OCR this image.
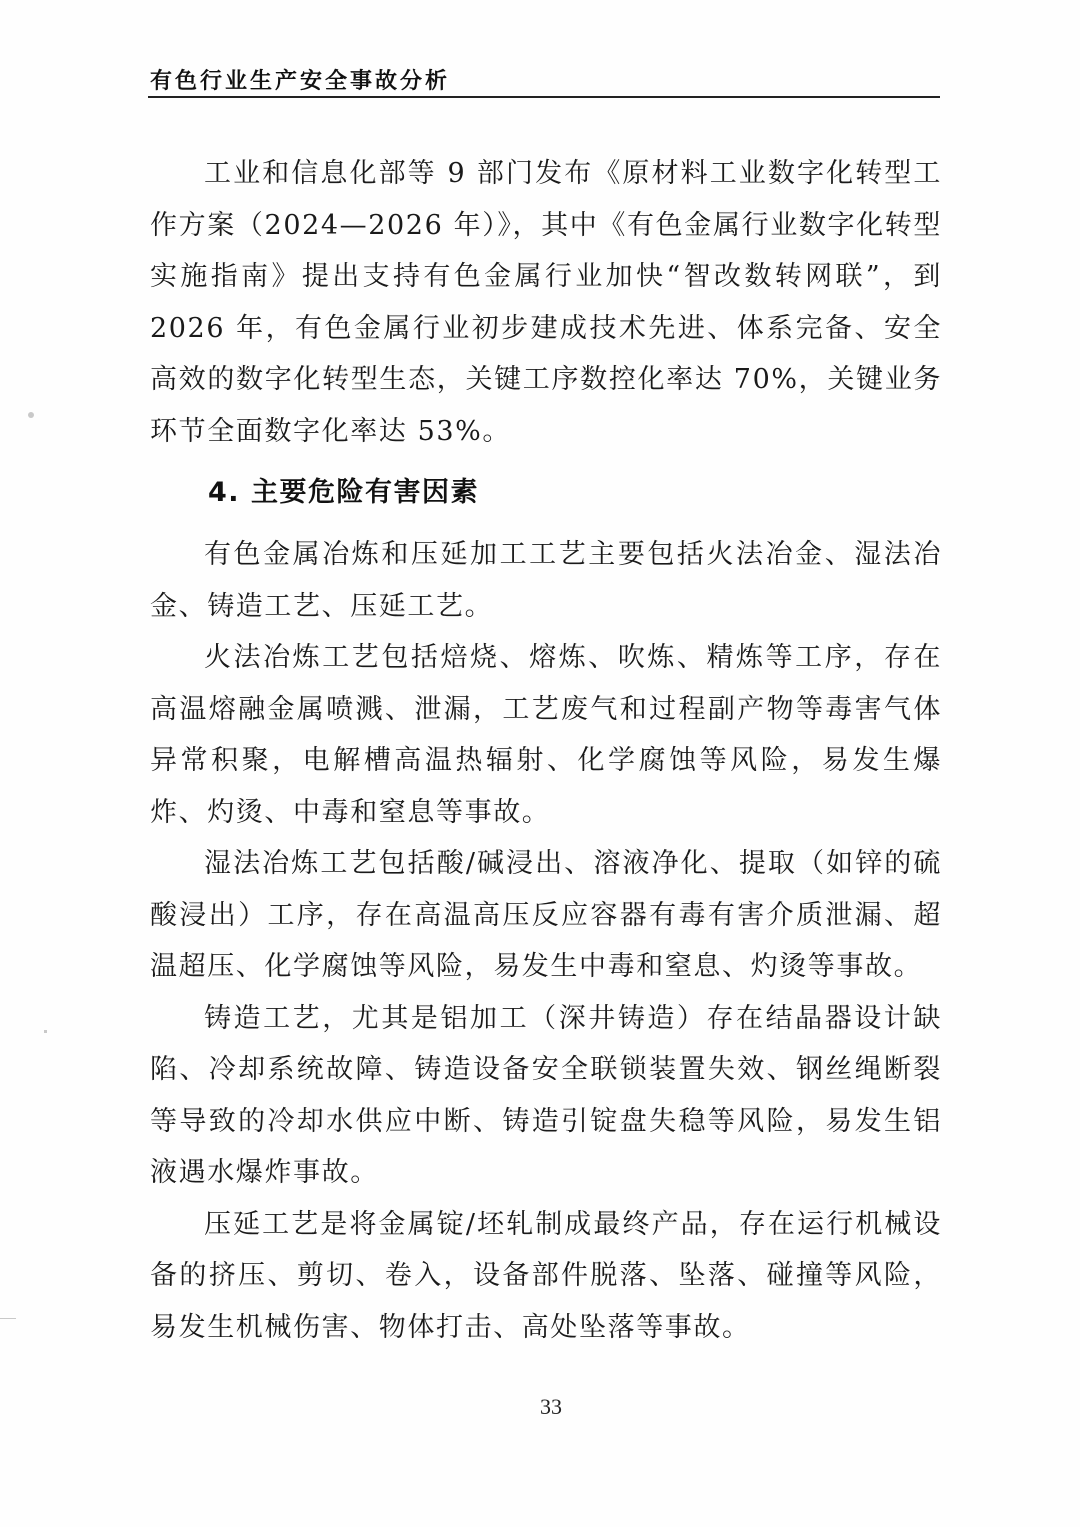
有色行业生产安全事故分析

工业和信息化部等 9 部门发布《原材料工业数字化转型工作方案（2024—2026 年）》，其中《有色金属行业数字化转型实施指南》提出支持有色金属行业加快“智改数转网联”，到 2026 年，有色金属行业初步建成技术先进、体系完备、安全高效的数字化转型生态，关键工序数控化率达 70%，关键业务环节全面数字化率达 53%。

4. 主要危险有害因素

有色金属冶炼和压延加工工艺主要包括火法冶金、湿法冶金、铸造工艺、压延工艺。

火法冶炼工艺包括焙烧、熔炼、吹炼、精炼等工序，存在高温熔融金属喷溅、泄漏，工艺废气和过程副产物等毒害气体异常积聚，电解槽高温热辐射、化学腐蚀等风险，易发生爆炸、灼烫、中毒和窒息等事故。

湿法冶炼工艺包括酸/碱浸出、溶液净化、提取（如锌的硫酸浸出）工序，存在高温高压反应容器有毒有害介质泄漏、超温超压、化学腐蚀等风险，易发生中毒和窒息、灼烫等事故。

铸造工艺，尤其是铝加工（深井铸造）存在结晶器设计缺陷、冷却系统故障、铸造设备安全联锁装置失效、钢丝绳断裂等导致的冷却水供应中断、铸造引锭盘失稳等风险，易发生铝液遇水爆炸事故。

压延工艺是将金属锭/坯轧制成最终产品，存在运行机械设备的挤压、剪切、卷入，设备部件脱落、坠落、碰撞等风险，易发生机械伤害、物体打击、高处坠落等事故。

33
